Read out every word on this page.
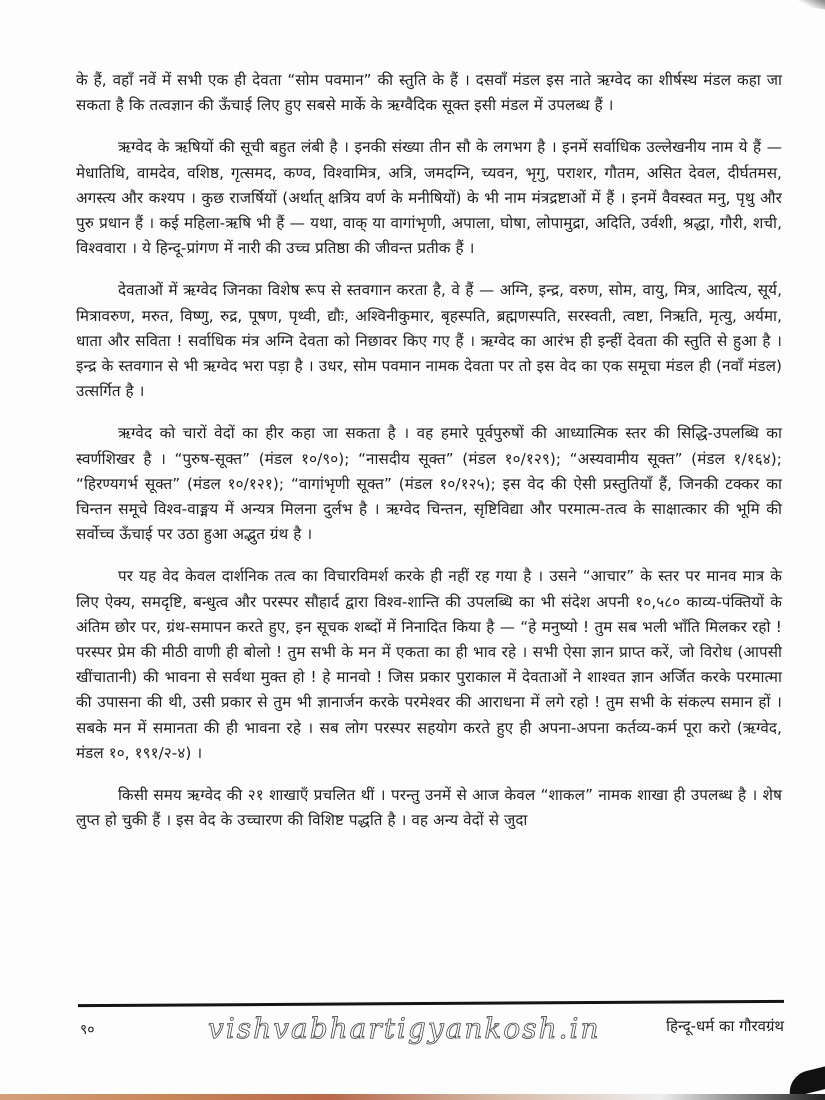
के हैं, वहाँ नवें में सभी एक ही देवता “सोम पवमान” की स्तुति के हैं । दसवाँ मंडल इस नाते ऋग्वेद का शीर्षस्थ मंडल कहा जा सकता है कि तत्वज्ञान की ऊँचाई लिए हुए सबसे मार्के के ऋग्वैदिक सूक्त इसी मंडल में उपलब्ध हैं ।

ऋग्वेद के ऋषियों की सूची बहुत लंबी है । इनकी संख्या तीन सौ के लगभग है । इनमें सर्वाधिक उल्लेखनीय नाम ये हैं — मेधातिथि, वामदेव, वशिष्ठ, गृत्समद, कण्व, विश्वामित्र, अत्रि, जमदग्नि, च्यवन, भृगु, पराशर, गौतम, असित देवल, दीर्घतमस, अगस्त्य और कश्यप । कुछ राजर्षियों (अर्थात् क्षत्रिय वर्ण के मनीषियों) के भी नाम मंत्रद्रष्टाओं में हैं । इनमें वैवस्वत मनु, पृथु और पुरु प्रधान हैं । कई महिला-ऋषि भी हैं — यथा, वाक् या वागांभृणी, अपाला, घोषा, लोपामुद्रा, अदिति, उर्वशी, श्रद्धा, गौरी, शची, विश्ववारा । ये हिन्दू-प्रांगण में नारी की उच्च प्रतिष्ठा की जीवन्त प्रतीक हैं ।

देवताओं में ऋग्वेद जिनका विशेष रूप से स्तवगान करता है, वे हैं — अग्नि, इन्द्र, वरुण, सोम, वायु, मित्र, आदित्य, सूर्य, मित्रावरुण, मरुत, विष्णु, रुद्र, पूषण, पृथ्वी, द्यौः, अश्विनीकुमार, बृहस्पति, ब्रह्मणस्पति, सरस्वती, त्वष्टा, निऋति, मृत्यु, अर्यमा, धाता और सविता ! सर्वाधिक मंत्र अग्नि देवता को निछावर किए गए हैं । ऋग्वेद का आरंभ ही इन्हीं देवता की स्तुति से हुआ है । इन्द्र के स्तवगान से भी ऋग्वेद भरा पड़ा है । उधर, सोम पवमान नामक देवता पर तो इस वेद का एक समूचा मंडल ही (नवाँ मंडल) उत्सर्गित है ।

ऋग्वेद को चारों वेदों का हीर कहा जा सकता है । वह हमारे पूर्वपुरुषों की आध्यात्मिक स्तर की सिद्धि-उपलब्धि का स्वर्णशिखर है । “पुरुष-सूक्त” (मंडल १०/९०); “नासदीय सूक्त” (मंडल १०/१२९); “अस्यवामीय सूक्त” (मंडल १/१६४); “हिरण्यगर्भ सूक्त” (मंडल १०/१२१); “वागांभृणी सूक्त” (मंडल १०/१२५); इस वेद की ऐसी प्रस्तुतियाँ हैं, जिनकी टक्कर का चिन्तन समूचे विश्व-वाङ्मय में अन्यत्र मिलना दुर्लभ है । ऋग्वेद चिन्तन, सृष्टिविद्या और परमात्म-तत्व के साक्षात्कार की भूमि की सर्वोच्च ऊँचाई पर उठा हुआ अद्भुत ग्रंथ है ।

पर यह वेद केवल दार्शनिक तत्व का विचारविमर्श करके ही नहीं रह गया है । उसने “आचार” के स्तर पर मानव मात्र के लिए ऐक्य, समदृष्टि, बन्धुत्व और परस्पर सौहार्द द्वारा विश्व-शान्ति की उपलब्धि का भी संदेश अपनी १०,५८० काव्य-पंक्तियों के अंतिम छोर पर, ग्रंथ-समापन करते हुए, इन सूचक शब्दों में निनादित किया है — “हे मनुष्यो ! तुम सब भली भाँति मिलकर रहो ! परस्पर प्रेम की मीठी वाणी ही बोलो ! तुम सभी के मन में एकता का ही भाव रहे । सभी ऐसा ज्ञान प्राप्त करें, जो विरोध (आपसी खींचातानी) की भावना से सर्वथा मुक्त हो ! हे मानवो ! जिस प्रकार पुराकाल में देवताओं ने शाश्वत ज्ञान अर्जित करके परमात्मा की उपासना की थी, उसी प्रकार से तुम भी ज्ञानार्जन करके परमेश्वर की आराधना में लगे रहो ! तुम सभी के संकल्प समान हों । सबके मन में समानता की ही भावना रहे । सब लोग परस्पर सहयोग करते हुए ही अपना-अपना कर्तव्य-कर्म पूरा करो (ऋग्वेद, मंडल १०, १९१/२-४) ।

किसी समय ऋग्वेद की २१ शाखाएँ प्रचलित थीं । परन्तु उनमें से आज केवल “शाकल” नामक शाखा ही उपलब्ध है । शेष लुप्त हो चुकी हैं । इस वेद के उच्चारण की विशिष्ट पद्धति है । वह अन्य वेदों से जुदा

९०	vishvabhartigyankosh.in	हिन्दू-धर्म का गौरवग्रंथ
